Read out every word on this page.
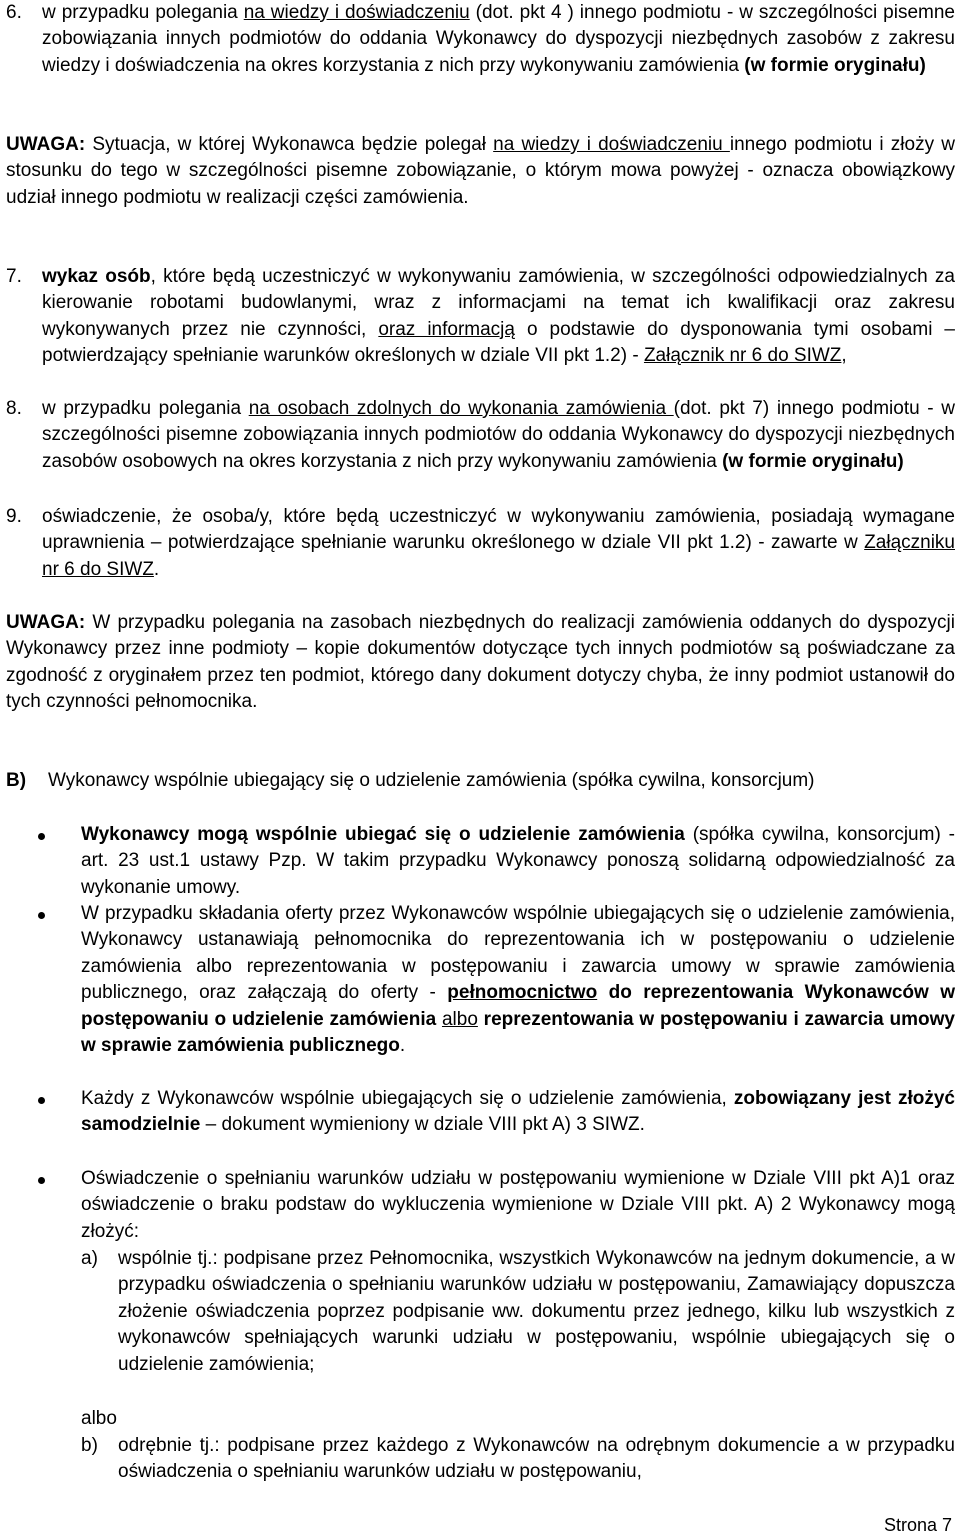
6. w przypadku polegania na wiedzy i doświadczeniu (dot. pkt 4 ) innego podmiotu - w szczególności pisemne zobowiązania innych podmiotów do oddania Wykonawcy do dyspozycji niezbędnych zasobów z zakresu wiedzy i doświadczenia na okres korzystania z nich przy wykonywaniu zamówienia (w formie oryginału)
UWAGA: Sytuacja, w której Wykonawca będzie polegał na wiedzy i doświadczeniu innego podmiotu i złoży w stosunku do tego w szczególności pisemne zobowiązanie, o którym mowa powyżej - oznacza obowiązkowy udział innego podmiotu w realizacji części zamówienia.
7. wykaz osób, które będą uczestniczyć w wykonywaniu zamówienia, w szczególności odpowiedzialnych za kierowanie robotami budowlanymi, wraz z informacjami na temat ich kwalifikacji oraz zakresu wykonywanych przez nie czynności, oraz informacją o podstawie do dysponowania tymi osobami – potwierdzający spełnianie warunków określonych w dziale VII pkt 1.2) - Załącznik nr 6 do SIWZ,
8. w przypadku polegania na osobach zdolnych do wykonania zamówienia (dot. pkt 7) innego podmiotu - w szczególności pisemne zobowiązania innych podmiotów do oddania Wykonawcy do dyspozycji niezbędnych zasobów osobowych na okres korzystania z nich przy wykonywaniu zamówienia (w formie oryginału)
9. oświadczenie, że osoba/y, które będą uczestniczyć w wykonywaniu zamówienia, posiadają wymagane uprawnienia – potwierdzające spełnianie warunku określonego w dziale VII pkt 1.2) - zawarte w Załączniku nr 6 do SIWZ.
UWAGA: W przypadku polegania na zasobach niezbędnych do realizacji zamówienia oddanych do dyspozycji Wykonawcy przez inne podmioty – kopie dokumentów dotyczące tych innych podmiotów są poświadczane za zgodność z oryginałem przez ten podmiot, którego dany dokument dotyczy chyba, że inny podmiot ustanowił do tych czynności pełnomocnika.
B) Wykonawcy wspólnie ubiegający się o udzielenie zamówienia (spółka cywilna, konsorcjum)
Wykonawcy mogą wspólnie ubiegać się o udzielenie zamówienia (spółka cywilna, konsorcjum) - art. 23 ust.1 ustawy Pzp. W takim przypadku Wykonawcy ponoszą solidarną odpowiedzialność za wykonanie umowy.
W przypadku składania oferty przez Wykonawców wspólnie ubiegających się o udzielenie zamówienia, Wykonawcy ustanawiają pełnomocnika do reprezentowania ich w postępowaniu o udzielenie zamówienia albo reprezentowania w postępowaniu i zawarcia umowy w sprawie zamówienia publicznego, oraz załączają do oferty - pełnomocnictwo do reprezentowania Wykonawców w postępowaniu o udzielenie zamówienia albo reprezentowania w postępowaniu i zawarcia umowy w sprawie zamówienia publicznego.
Każdy z Wykonawców wspólnie ubiegających się o udzielenie zamówienia, zobowiązany jest złożyć samodzielnie – dokument wymieniony w dziale VIII pkt A) 3 SIWZ.
Oświadczenie o spełnianiu warunków udziału w postępowaniu wymienione w Dziale VIII pkt A)1 oraz oświadczenie o braku podstaw do wykluczenia wymienione w Dziale VIII pkt. A) 2 Wykonawcy mogą złożyć:
a) wspólnie tj.: podpisane przez Pełnomocnika, wszystkich Wykonawców na jednym dokumencie, a w przypadku oświadczenia o spełnianiu warunków udziału w postępowaniu, Zamawiający dopuszcza złożenie oświadczenia poprzez podpisanie ww. dokumentu przez jednego, kilku lub wszystkich z wykonawców spełniających warunki udziału w postępowaniu, wspólnie ubiegających się o udzielenie zamówienia;
albo
b) odrębnie tj.: podpisane przez każdego z Wykonawców na odrębnym dokumencie a w przypadku oświadczenia o spełnianiu warunków udziału w postępowaniu,
Strona 7
